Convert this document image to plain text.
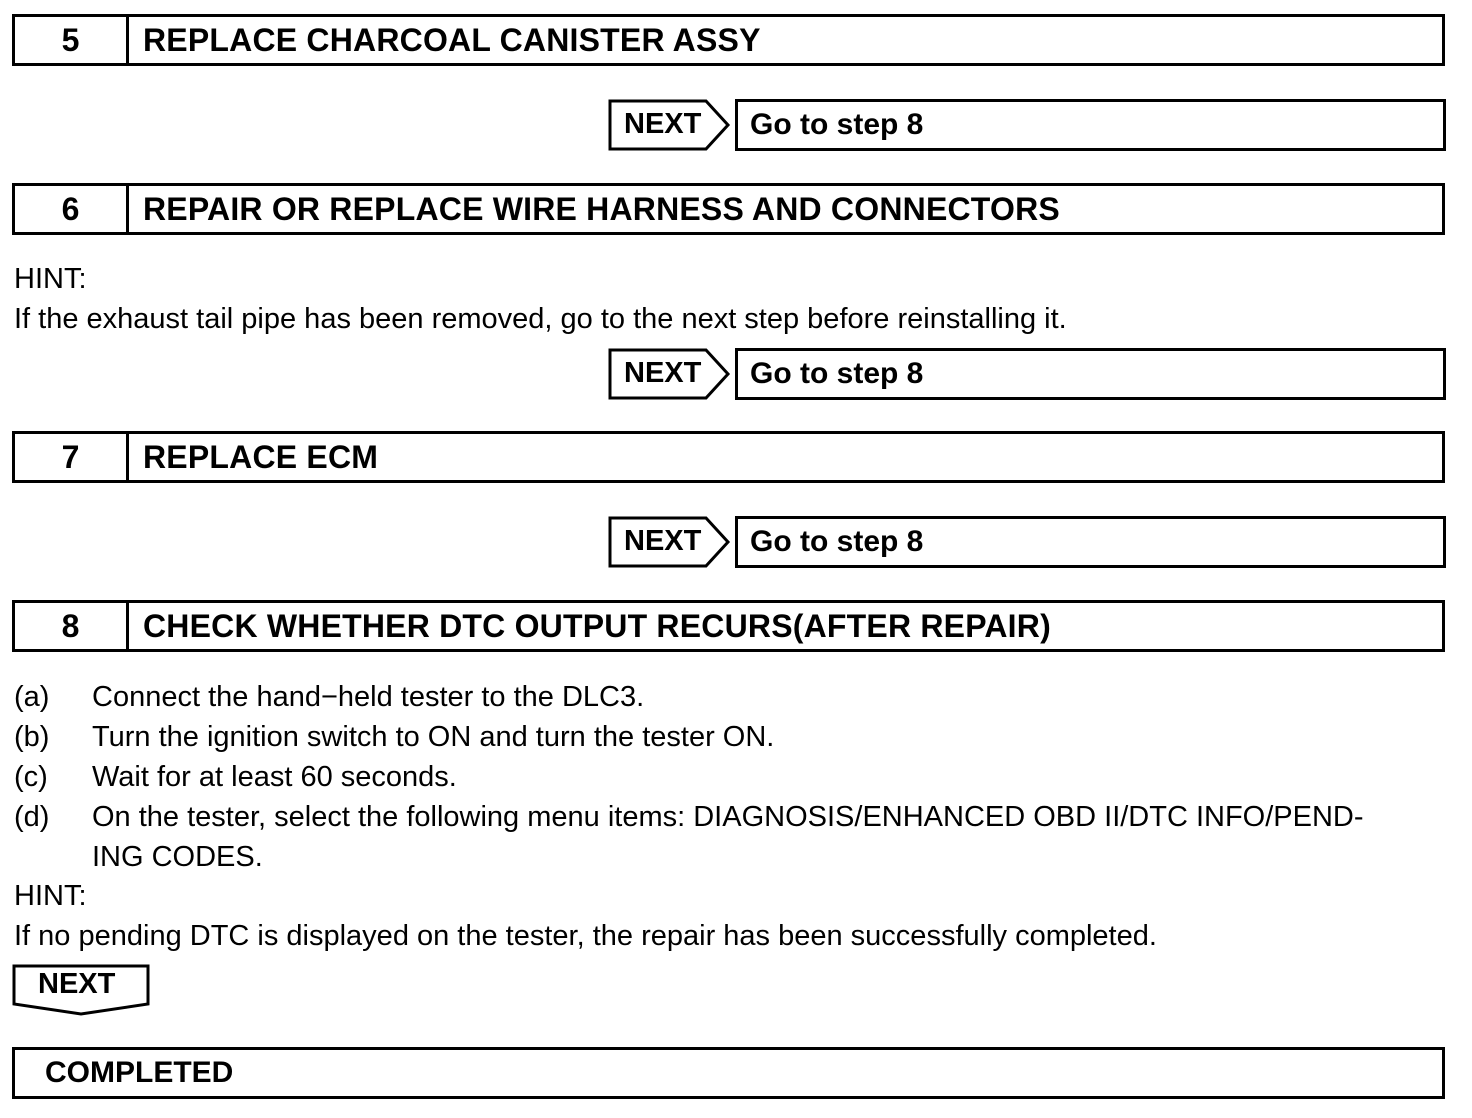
5	REPLACE CHARCOAL CANISTER ASSY
NEXT	Go to step 8
6	REPAIR OR REPLACE WIRE HARNESS AND CONNECTORS
HINT:
If the exhaust tail pipe has been removed, go to the next step before reinstalling it.
NEXT	Go to step 8
7	REPLACE ECM
NEXT	Go to step 8
8	CHECK WHETHER DTC OUTPUT RECURS(AFTER REPAIR)
(a)	Connect the hand−held tester to the DLC3.
(b)	Turn the ignition switch to ON and turn the tester ON.
(c)	Wait for at least 60 seconds.
(d)	On the tester, select the following menu items: DIAGNOSIS/ENHANCED OBD II/DTC INFO/PEND-
ING CODES.
HINT:
If no pending DTC is displayed on the tester, the repair has been successfully completed.
NEXT
COMPLETED
